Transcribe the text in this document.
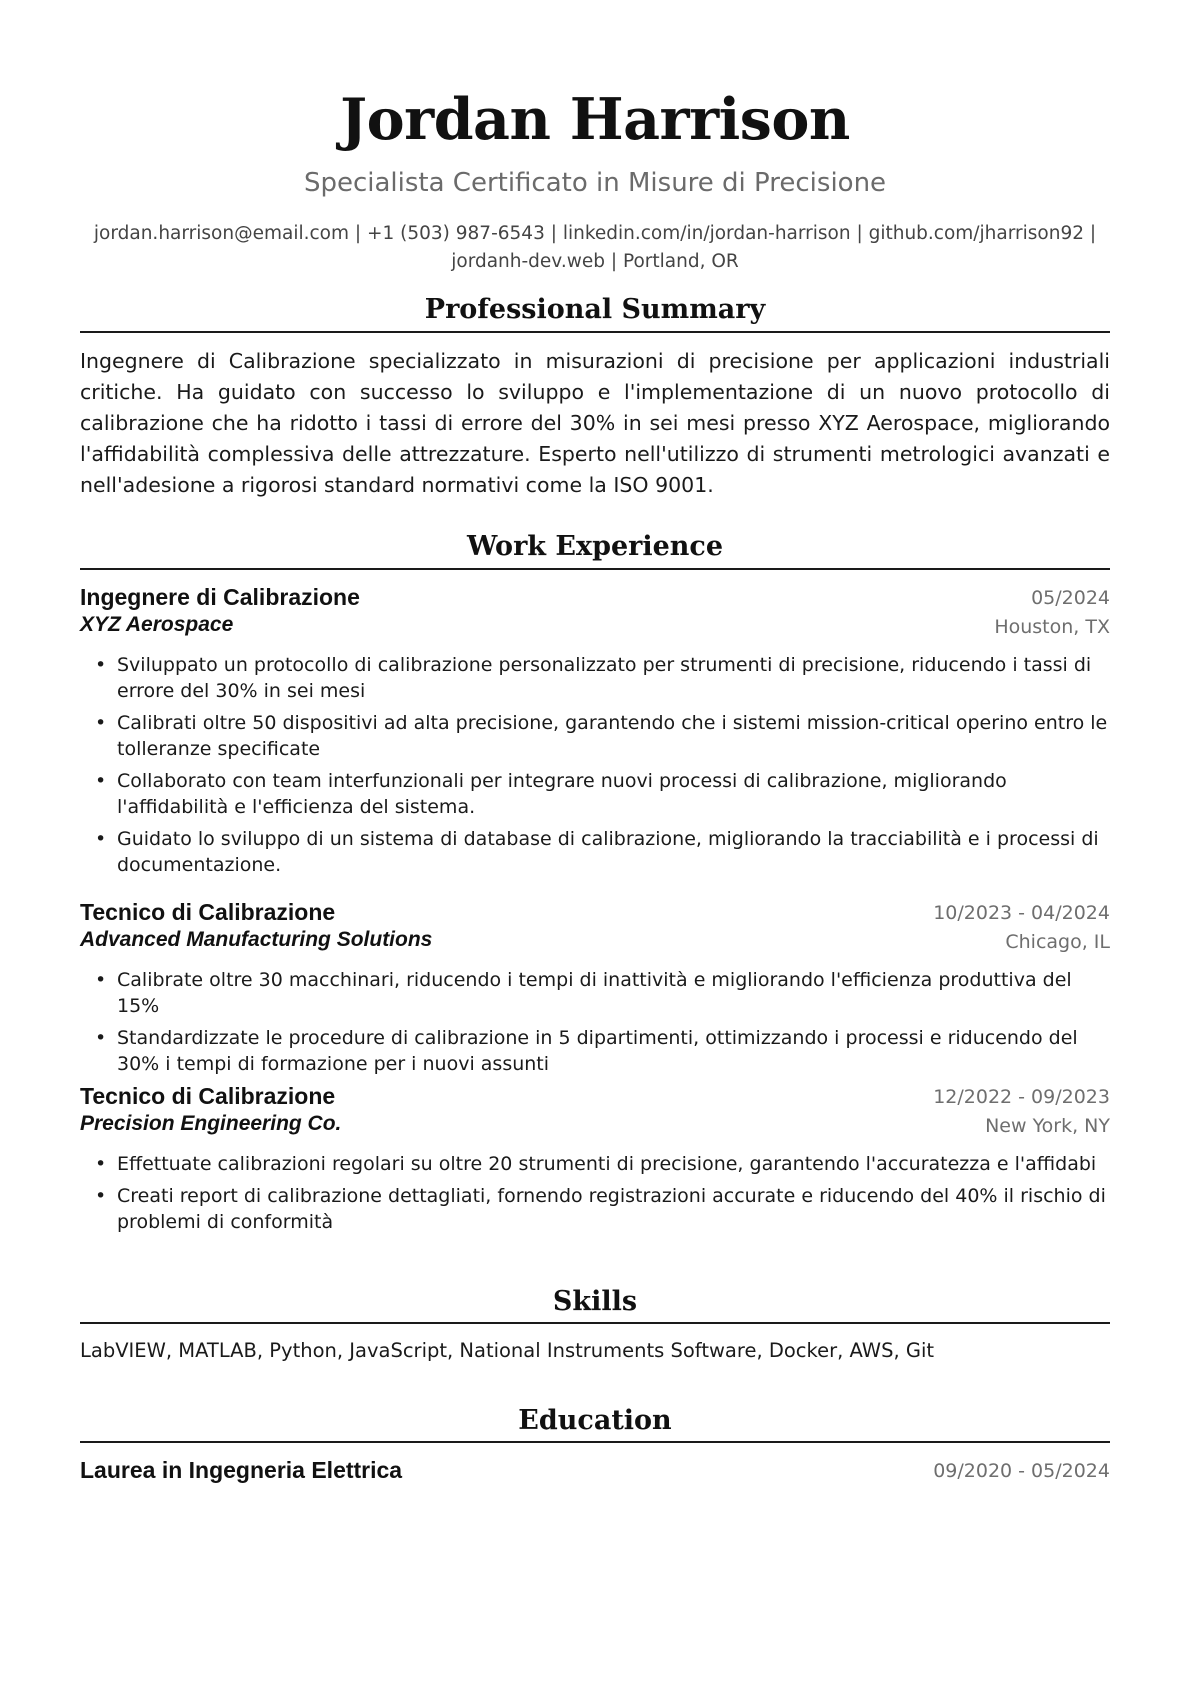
Jordan Harrison
Specialista Certificato in Misure di Precisione
jordan.harrison@email.com | +1 (503) 987-6543 | linkedin.com/in/jordan-harrison | github.com/jharrison92 |
jordanh-dev.web | Portland, OR
Professional Summary
Ingegnere di Calibrazione specializzato in misurazioni di precisione per applicazioni industriali critiche. Ha guidato con successo lo sviluppo e l'implementazione di un nuovo protocollo di calibrazione che ha ridotto i tassi di errore del 30% in sei mesi presso XYZ Aerospace, migliorando l'affidabilità complessiva delle attrezzature. Esperto nell'utilizzo di strumenti metrologici avanzati e nell'adesione a rigorosi standard normativi come la ISO 9001.
Work Experience
Ingegnere di Calibrazione	05/2024
XYZ Aerospace	Houston, TX
• Sviluppato un protocollo di calibrazione personalizzato per strumenti di precisione, riducendo i tassi di errore del 30% in sei mesi
• Calibrati oltre 50 dispositivi ad alta precisione, garantendo che i sistemi mission-critical operino entro le tolleranze specificate
• Collaborato con team interfunzionali per integrare nuovi processi di calibrazione, migliorando l'affidabilità e l'efficienza del sistema.
• Guidato lo sviluppo di un sistema di database di calibrazione, migliorando la tracciabilità e i processi di documentazione.
Tecnico di Calibrazione	10/2023 - 04/2024
Advanced Manufacturing Solutions	Chicago, IL
• Calibrate oltre 30 macchinari, riducendo i tempi di inattività e migliorando l'efficienza produttiva del 15%
• Standardizzate le procedure di calibrazione in 5 dipartimenti, ottimizzando i processi e riducendo del 30% i tempi di formazione per i nuovi assunti
Tecnico di Calibrazione	12/2022 - 09/2023
Precision Engineering Co.	New York, NY
• Effettuate calibrazioni regolari su oltre 20 strumenti di precisione, garantendo l'accuratezza e l'affidabi
• Creati report di calibrazione dettagliati, fornendo registrazioni accurate e riducendo del 40% il rischio di problemi di conformità
Skills
LabVIEW, MATLAB, Python, JavaScript, National Instruments Software, Docker, AWS, Git
Education
Laurea in Ingegneria Elettrica	09/2020 - 05/2024
